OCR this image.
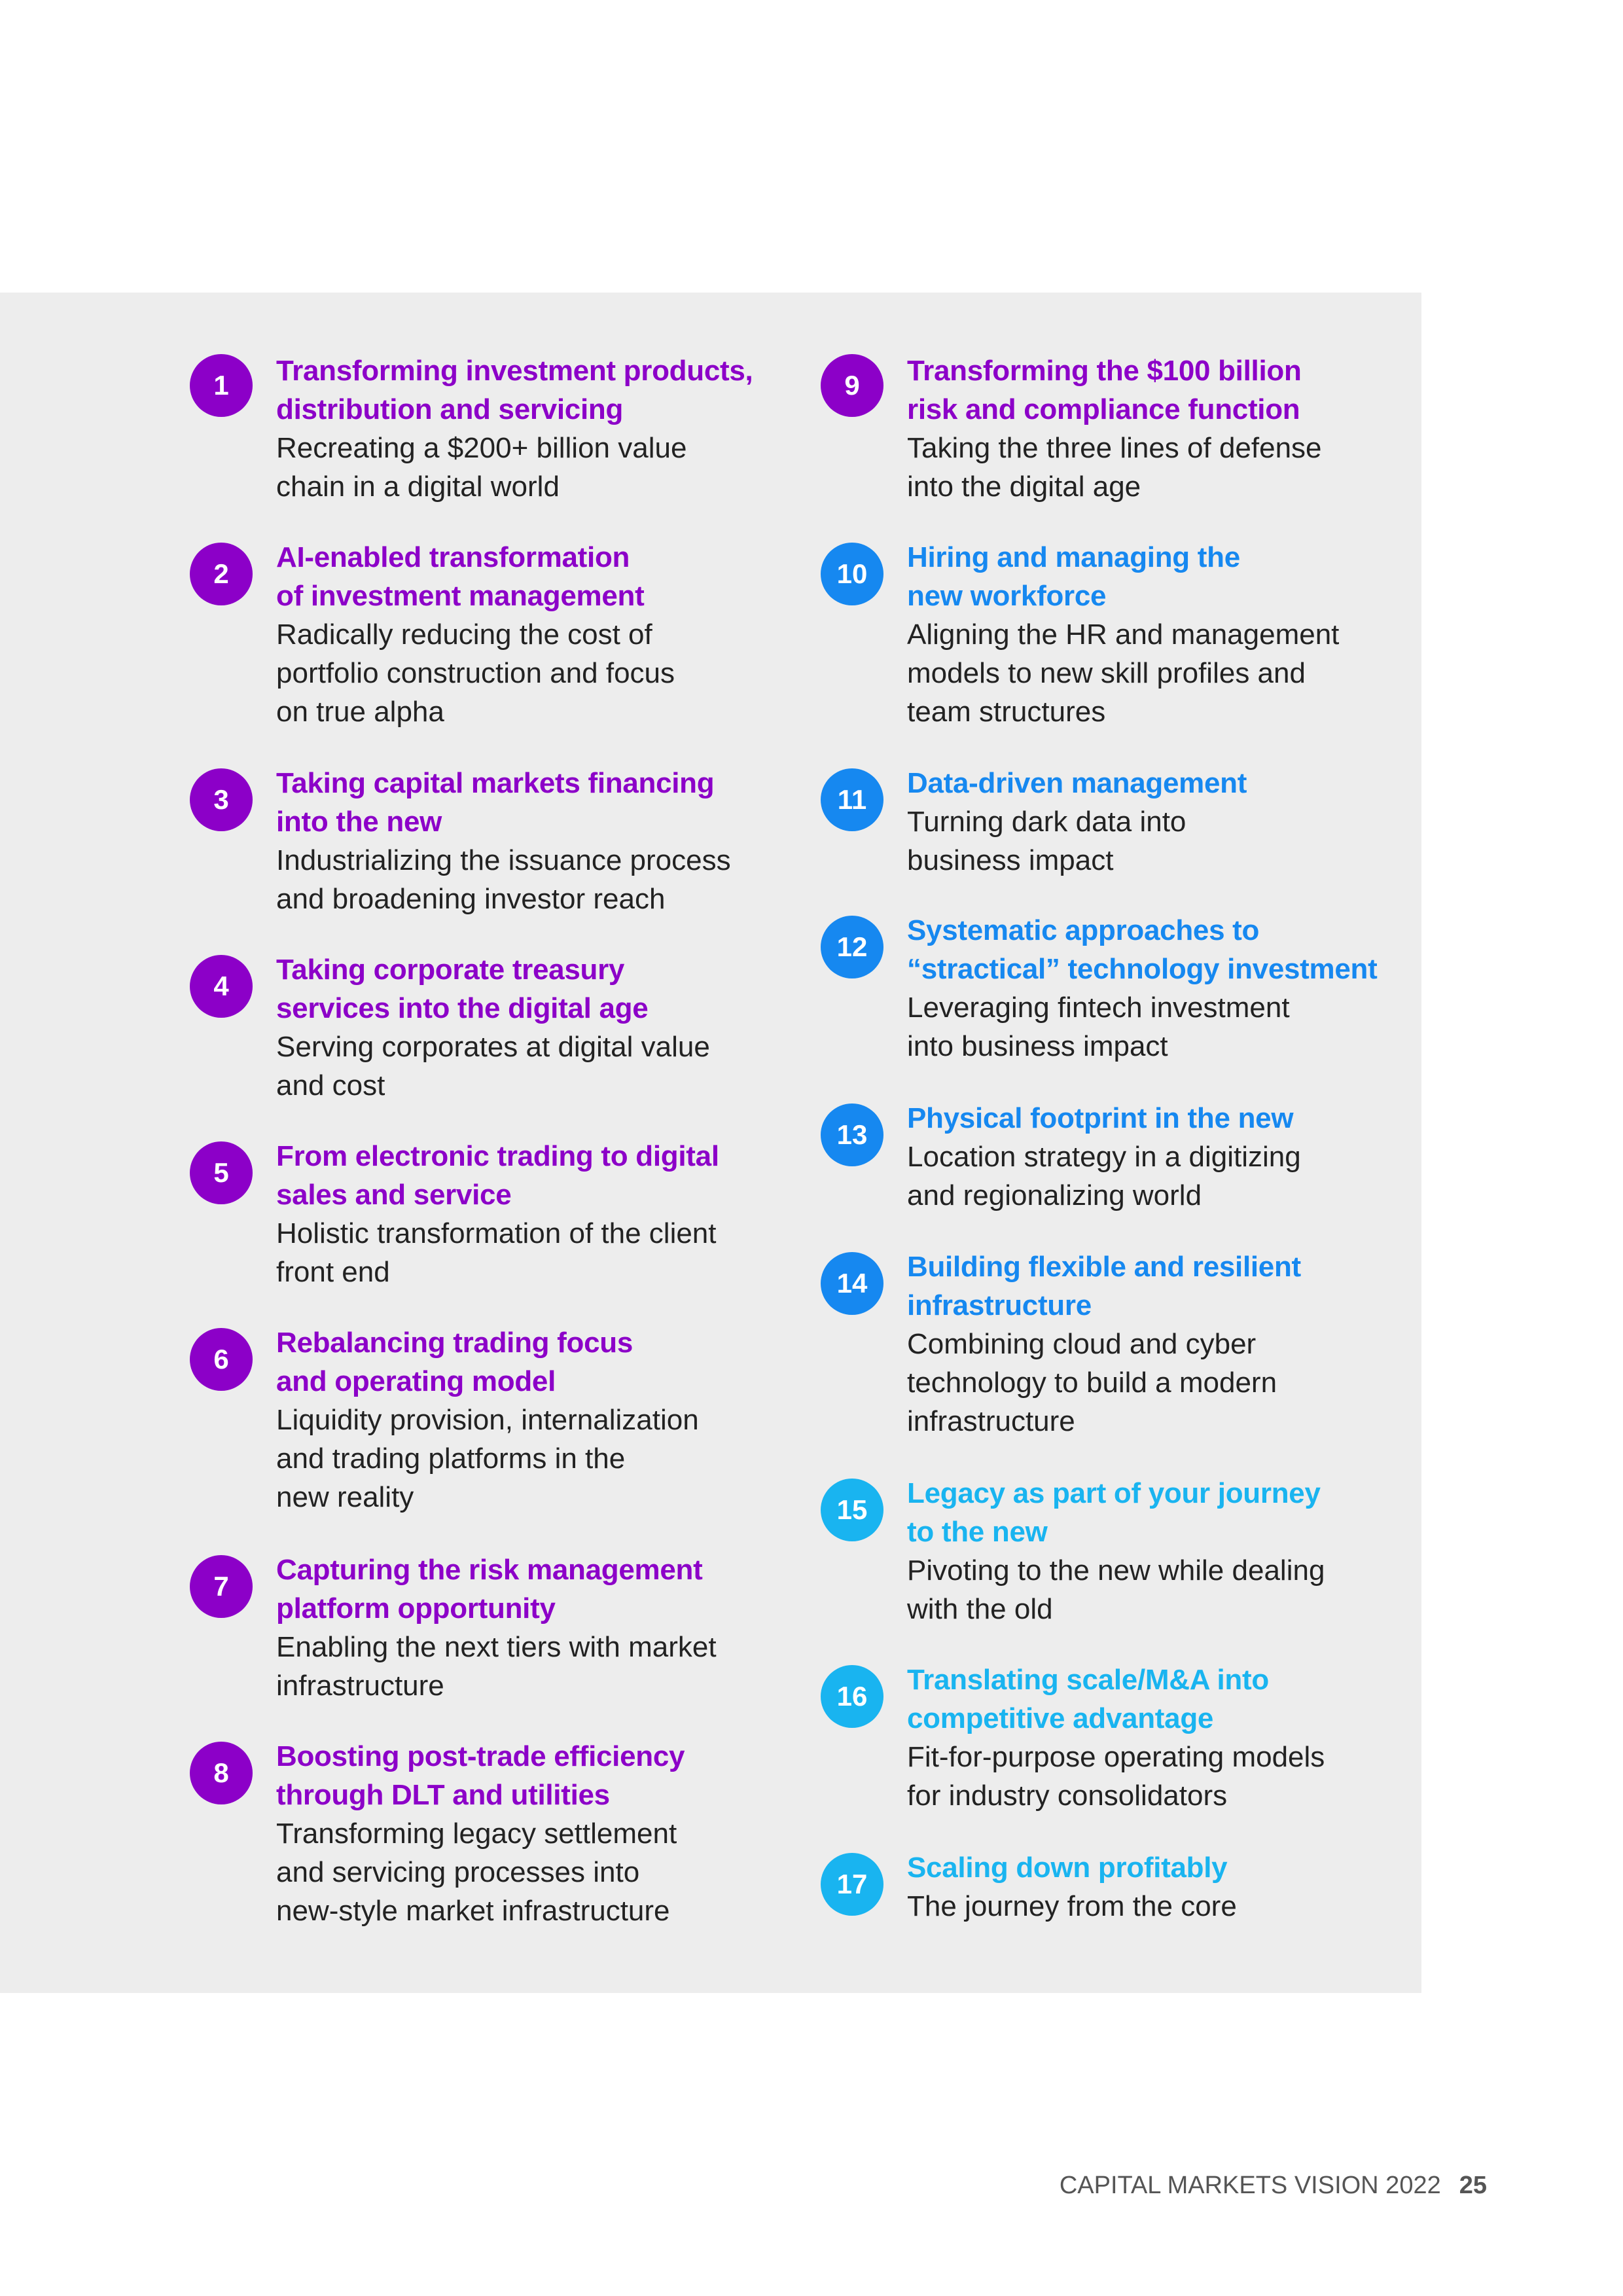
1	Transforming investment products,
distribution and servicing
Recreating a $200+ billion value
chain in a digital world
2
AI-enabled transformation
of investment management
Radically reducing the cost of
portfolio construction and focus
on true alpha
3
Taking capital markets financing
into the new
Industrializing the issuance process
and broadening investor reach
4
Taking corporate treasury
services into the digital age
Serving corporates at digital value
and cost
5
From electronic trading to digital
sales and service
Holistic transformation of the client
front end
6
Rebalancing trading focus
and operating model
Liquidity provision, internalization
and trading platforms in the
new reality
7
Capturing the risk management
platform opportunity
Enabling the next tiers with market
infrastructure
8
Boosting post-trade efficiency
through DLT and utilities
Transforming legacy settlement
and servicing processes into
new-style market infrastructure
9	Transforming the $100 billion
risk and compliance function
Taking the three lines of defense
into the digital age
10
Hiring and managing the
new workforce
Aligning the HR and management
models to new skill profiles and
team structures
11
Data-driven management
Turning dark data into
business impact
12
Systematic approaches to
“stractical” technology investment
Leveraging fintech investment
into business impact
13
Physical footprint in the new
Location strategy in a digitizing
and regionalizing world
14
Building flexible and resilient
infrastructure
Combining cloud and cyber
technology to build a modern
infrastructure
15
Legacy as part of your journey
to the new
Pivoting to the new while dealing
with the old
16
Translating scale/M&A into
competitive advantage
Fit-for-purpose operating models
for industry consolidators
17
Scaling down profitably
The journey from the core
CAPITAL MARKETS VISION 2022 25
